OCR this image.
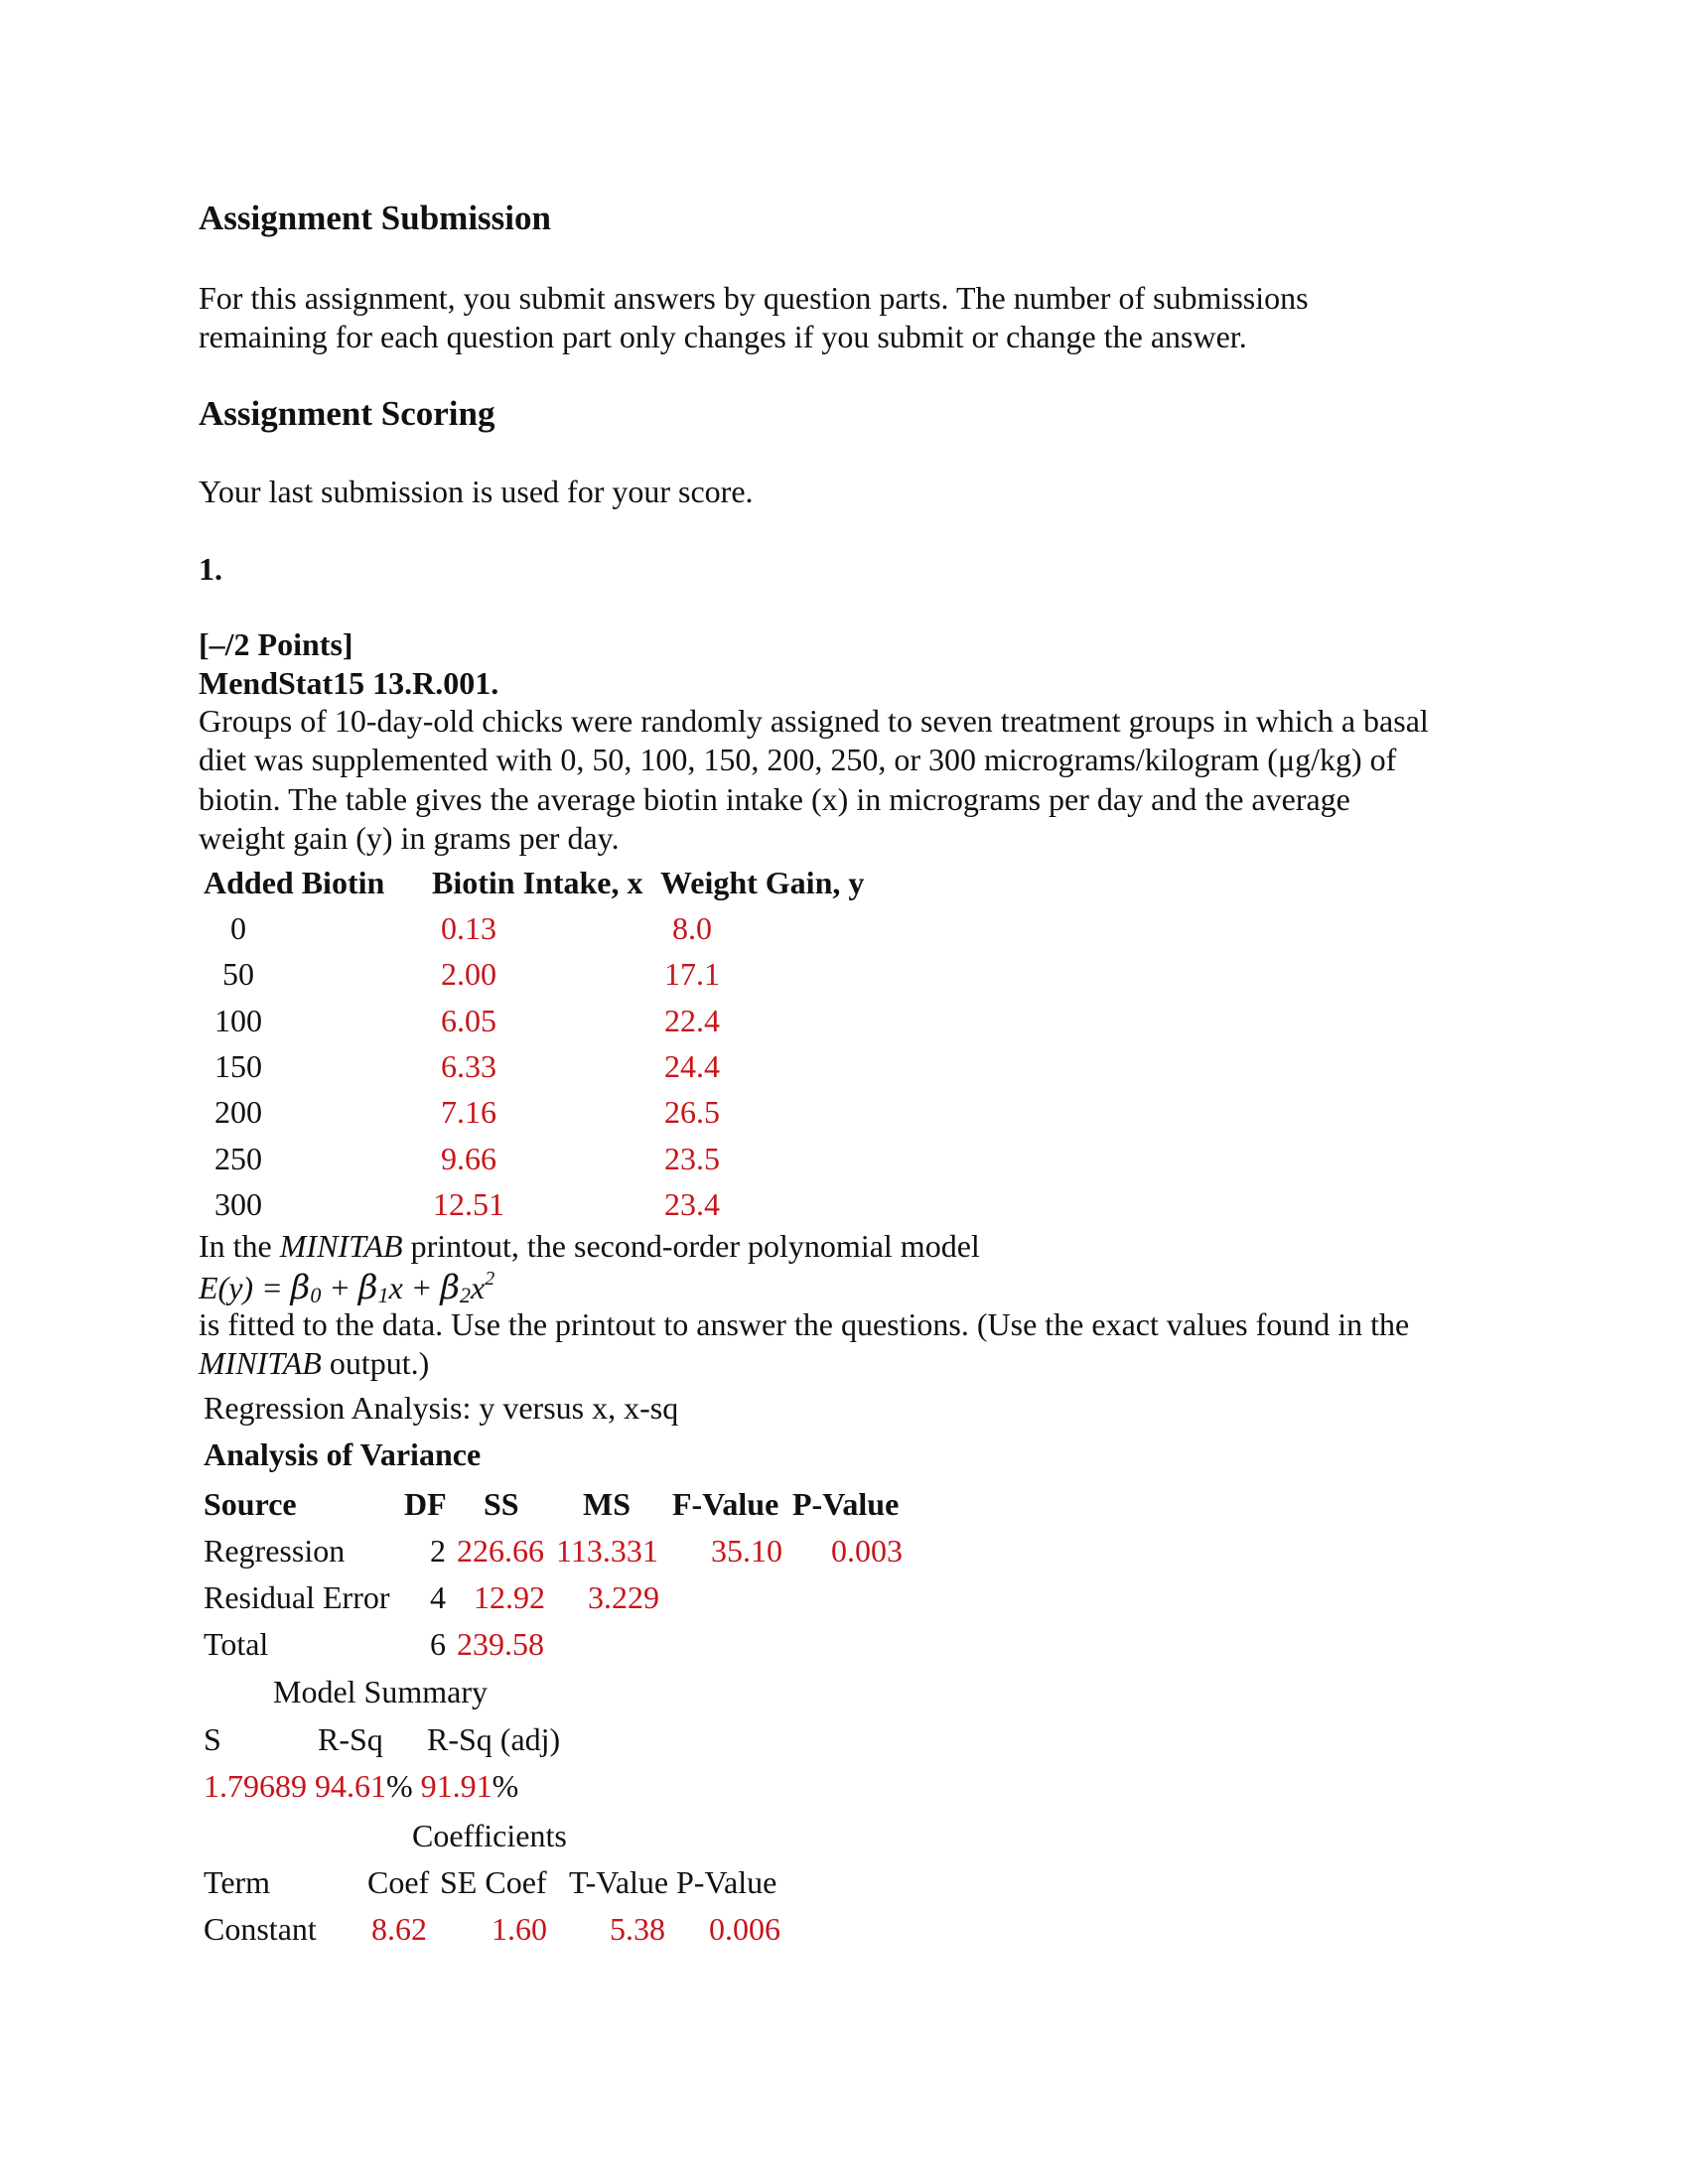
Assignment Submission
For this assignment, you submit answers by question parts. The number of submissions
remaining for each question part only changes if you submit or change the answer.
Assignment Scoring
Your last submission is used for your score.
1.
[–/2 Points]
MendStat15 13.R.001.
Groups of 10-day-old chicks were randomly assigned to seven treatment groups in which a basal
diet was supplemented with 0, 50, 100, 150, 200, 250, or 300 micrograms/kilogram (μg/kg) of
biotin. The table gives the average biotin intake (x) in micrograms per day and the average
weight gain (y) in grams per day.
Added Biotin Biotin Intake, x Weight Gain, y
0	0.13	8.0
50	2.00	17.1
100	6.05	22.4
150	6.33	24.4
200	7.16	26.5
250	9.66	23.5
300	12.51	23.4
In the MINITAB printout, the second-order polynomial model
$E(y) = \beta 0 + \beta 1x + \beta 2x^2$
is fitted to the data. Use the printout to answer the questions. (Use the exact values found in the
MINITAB output.)
Regression Analysis: y versus x, x-sq
Analysis of Variance
Source	DF SS MS F-Value P-Value
Regression	2 226.66 113.331 35.10 0.003
Residual Error 4 12.92 3.229
Total	6 239.58
Model Summary
S	R-Sq R-Sq (adj)
1.79689 94.61% 91.91%
Coefficients
Term	Coef SE Coef T-Value P-Value
Constant 8.62 1.60 5.38 0.006
